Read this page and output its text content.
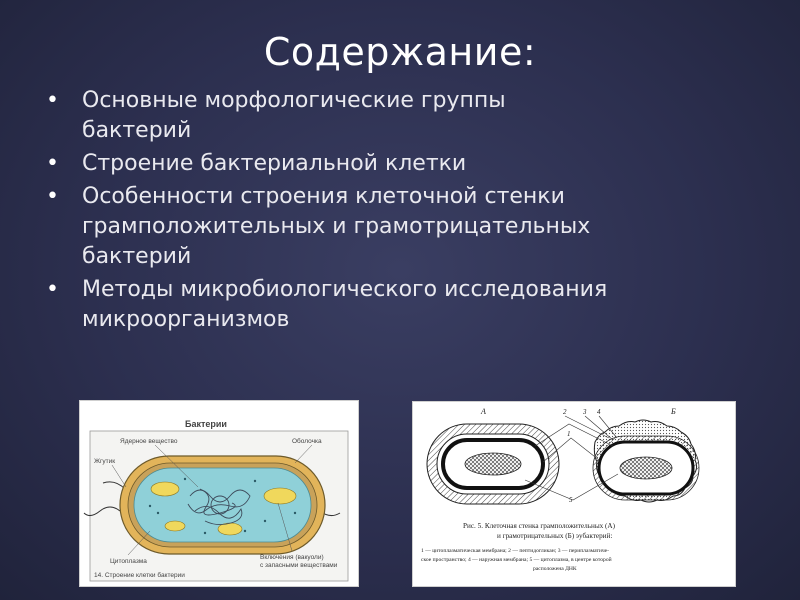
Содержание:
• Основные морфологические группы
бактерий
• Строение бактериальной клетки
• Особенности строения клеточной стенки
грамположительных и грамотрицательных
бактерий
• Методы микробиологического исследования
микроорганизмов
Бактерии
Ядерное вещество	Оболочка
Жгутик
Цитоплазма
Включения (вакуоли)
с запасными веществами
14. Строение клетки бактерии
А	Б
2 3 4
1
5
Рис. 5. Клеточная стенка грамположительных (А)
и грамотрицательных (Б) эубактерий:
1 — цитоплазматическая мембрана; 2 — пептидогликан; 3 — периплазматиче-
ское пространство; 4 — наружная мембрана; 5 — цитоплазма, в центре которой
расположена ДНК
